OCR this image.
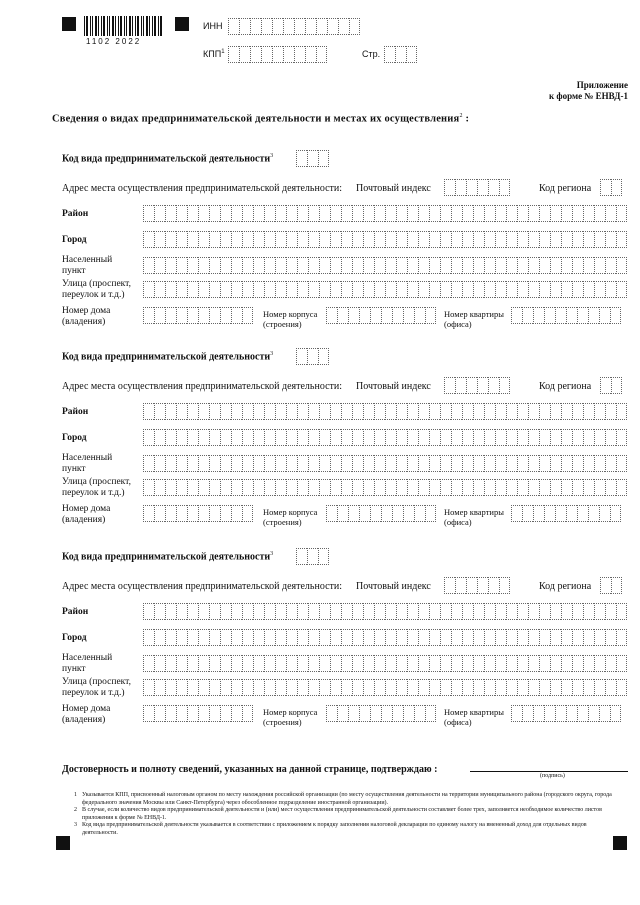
1102 2022
ИНН
КПП$^1$	Стр.
Приложение
к форме № ЕНВД-1
Сведения о видах предпринимательской деятельности и местах их осуществления$^2$ :
Код вида предпринимательской деятельности$^3$
Адрес места осуществления предпринимательской деятельности: Почтовый индекс	Код региона
Район
Город
Населенный
пункт
Улица (проспект,
переулок и т.д.)
Номер дома
(владения)
Номер корпуса
(строения)
Номер квартиры
(офиса)
Код вида предпринимательской деятельности$^3$
Адрес места осуществления предпринимательской деятельности: Почтовый индекс	Код региона
Район
Город
Населенный
пункт
Улица (проспект,
переулок и т.д.)
Номер дома
(владения)
Номер корпуса
(строения)
Номер квартиры
(офиса)
Код вида предпринимательской деятельности$^3$
Адрес места осуществления предпринимательской деятельности: Почтовый индекс	Код региона
Район
Город
Населенный
пункт
Улица (проспект,
переулок и т.д.)
Номер дома
(владения)
Номер корпуса
(строения)
Номер квартиры
(офиса)
Достоверность и полноту сведений, указанных на данной странице, подтверждаю :
(подпись)
1 Указывается КПП, присвоенный налоговым органом по месту нахождения российской организации (по месту осуществления деятельности на территории муниципального района (городского округа, города федерального значения Москвы или Санкт-Петербурга) через обособленное подразделение иностранной организации).
2 В случае, если количество видов предпринимательской деятельности и (или) мест осуществления предпринимательской деятельности составляет более трех, заполняется необходимое количество листов приложения к форме № ЕНВД-1.
3 Код вида предпринимательской деятельности указывается в соответствии с приложением к порядку заполнения налоговой декларации по единому налогу на вмененный доход для отдельных видов деятельности.
